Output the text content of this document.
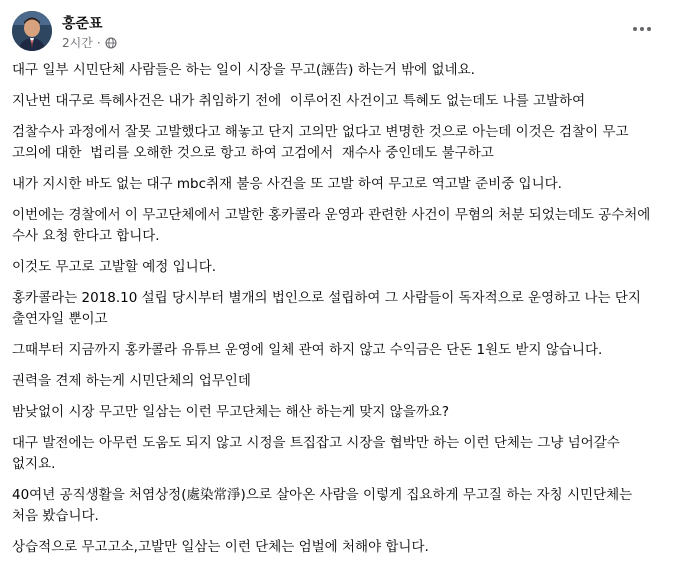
홍준표
2시간 ·

대구 일부 시민단체 사람들은 하는 일이 시장을 무고(誣告) 하는거 밖에 없네요.

지난번 대구로 특혜사건은 내가 취임하기 전에  이루어진 사건이고 특혜도 없는데도 나를 고발하여

검찰수사 과정에서 잘못 고발했다고 해놓고 단지 고의만 없다고 변명한 것으로 아는데 이것은 검찰이 무고 고의에 대한  법리를 오해한 것으로 항고 하여 고검에서  재수사 중인데도 불구하고

내가 지시한 바도 없는 대구 mbc취재 불응 사건을 또 고발 하여 무고로 역고발 준비중 입니다.

이번에는 경찰에서 이 무고단체에서 고발한 홍카콜라 운영과 관련한 사건이 무혐의 처분 되었는데도 공수처에 수사 요청 한다고 합니다.

이것도 무고로 고발할 예정 입니다.

홍카콜라는 2018.10 설립 당시부터 별개의 법인으로 설립하여 그 사람들이 독자적으로 운영하고 나는 단지 출연자일 뿐이고

그때부터 지금까지 홍카콜라 유튜브 운영에 일체 관여 하지 않고 수익금은 단돈 1원도 받지 않습니다.

권력을 견제 하는게 시민단체의 업무인데

밤낮없이 시장 무고만 일삼는 이런 무고단체는 해산 하는게 맞지 않을까요?

대구 발전에는 아무런 도움도 되지 않고 시정을 트집잡고 시장을 협박만 하는 이런 단체는 그냥 넘어갈수 없지요.

40여년 공직생활을 처염상정(處染常淨)으로 살아온 사람을 이렇게 집요하게 무고질 하는 자칭 시민단체는 처음 봤습니다.

상습적으로 무고고소,고발만 일삼는 이런 단체는 엄벌에 처해야 합니다.
